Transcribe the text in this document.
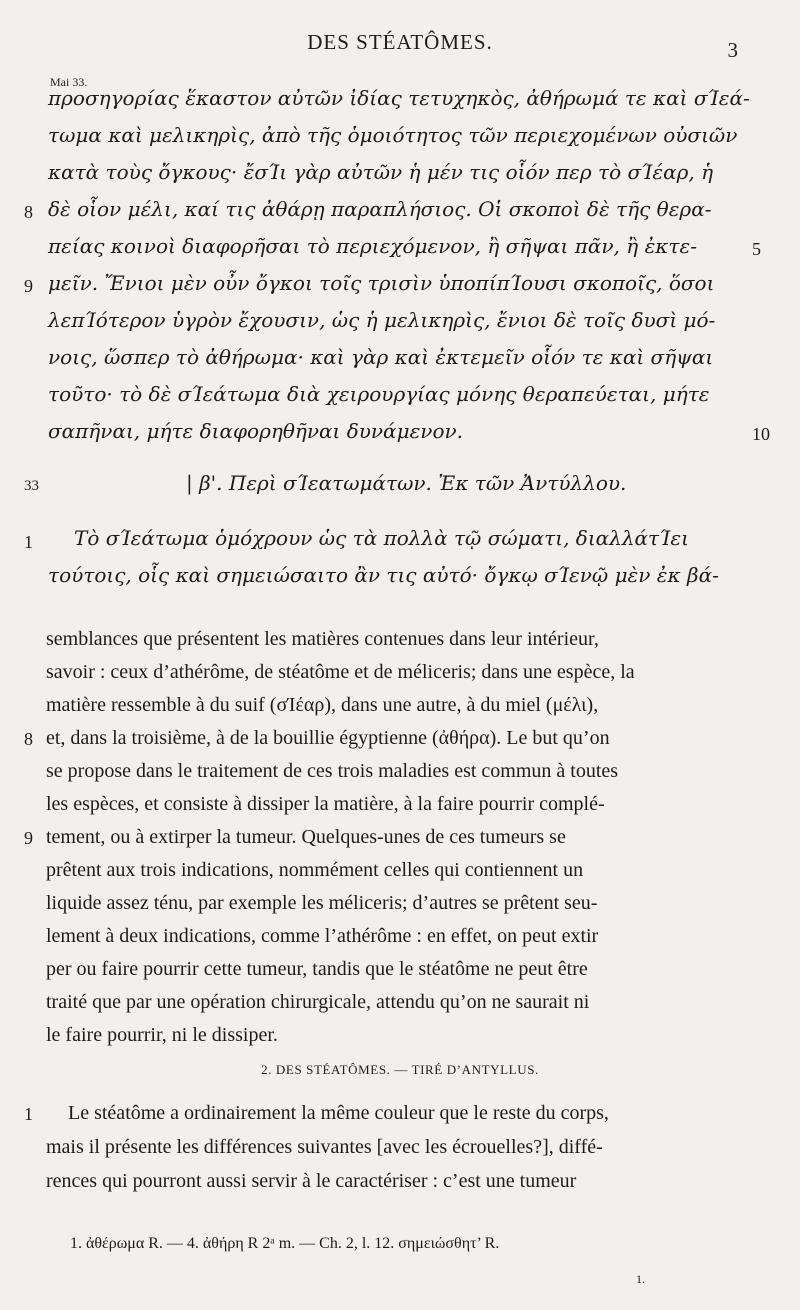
DES STÉATÔMES.	3
Mai 33.
προσηγορίας ἕκαστον αὐτῶν ἰδίας τετυχηκὸς, ἀθήρωμά τε καὶ σΊεά-
τωμα καὶ μελικηρὶς, ἀπὸ τῆς ὁμοιότητος τῶν περιεχομένων οὐσιῶν
κατὰ τοὺς ὄγκους· ἔσΊι γὰρ αὐτῶν ἡ μέν τις οἷόν περ τὸ σΊέαρ, ἡ
δὲ οἷον μέλι, καί τις ἀθάρῃ παραπλήσιος. Οἱ σκοποὶ δὲ τῆς θερα-
πείας κοινοὶ διαφορῆσαι τὸ περιεχόμενον, ἢ σῆψαι πᾶν, ἢ ἐκτε-
μεῖν. Ἔνιοι μὲν οὖν ὄγκοι τοῖς τρισὶν ὑποπίπΊουσι σκοποῖς, ὅσοι
λεπΊότερον ὑγρὸν ἔχουσιν, ὡς ἡ μελικηρὶς, ἔνιοι δὲ τοῖς δυσὶ μό-
νοις, ὥσπερ τὸ ἀθήρωμα· καὶ γὰρ καὶ ἐκτεμεῖν οἷόν τε καὶ σῆψαι
τοῦτο· τὸ δὲ σΊεάτωμα διὰ χειρουργίας μόνης θεραπεύεται, μήτε
σαπῆναι, μήτε διαφορηθῆναι δυνάμενον.
8
9
5
10
33	| β'. Περὶ σΊεατωμάτων. Ἐκ τῶν Ἀντύλλου.
1 Τὸ σΊεάτωμα ὁμόχρουν ὡς τὰ πολλὰ τῷ σώματι, διαλλάτΊει
τούτοις, οἷς καὶ σημειώσαιτο ἂν τις αὐτό· ὄγκῳ σΊενῷ μὲν ἐκ βά-
semblances que présentent les matières contenues dans leur intérieur,
savoir : ceux d’athérôme, de stéatôme et de méliceris; dans une espèce, la
matière ressemble à du suif (σΊέαρ), dans une autre, à du miel (μέλι),
et, dans la troisième, à de la bouillie égyptienne (ἀθήρα). Le but qu’on
se propose dans le traitement de ces trois maladies est commun à toutes
les espèces, et consiste à dissiper la matière, à la faire pourrir complé-
tement, ou à extirper la tumeur. Quelques-unes de ces tumeurs se
prêtent aux trois indications, nommément celles qui contiennent un
liquide assez ténu, par exemple les méliceris; d’autres se prêtent seu-
lement à deux indications, comme l’athérôme : en effet, on peut extir
per ou faire pourrir cette tumeur, tandis que le stéatôme ne peut être
traité que par une opération chirurgicale, attendu qu’on ne saurait ni
le faire pourrir, ni le dissiper.
8
9
2. DES STÉATÔMES. — TIRÉ D’ANTYLLUS.
1 Le stéatôme a ordinairement la même couleur que le reste du corps,
mais il présente les différences suivantes [avec les écrouelles?], diffé-
rences qui pourront aussi servir à le caractériser : c’est une tumeur
1. ἀθέρωμα R. — 4. ἀθήρη R 2ᵃ m. — Ch. 2, l. 12. σημειώσθητ’ R.
1.
